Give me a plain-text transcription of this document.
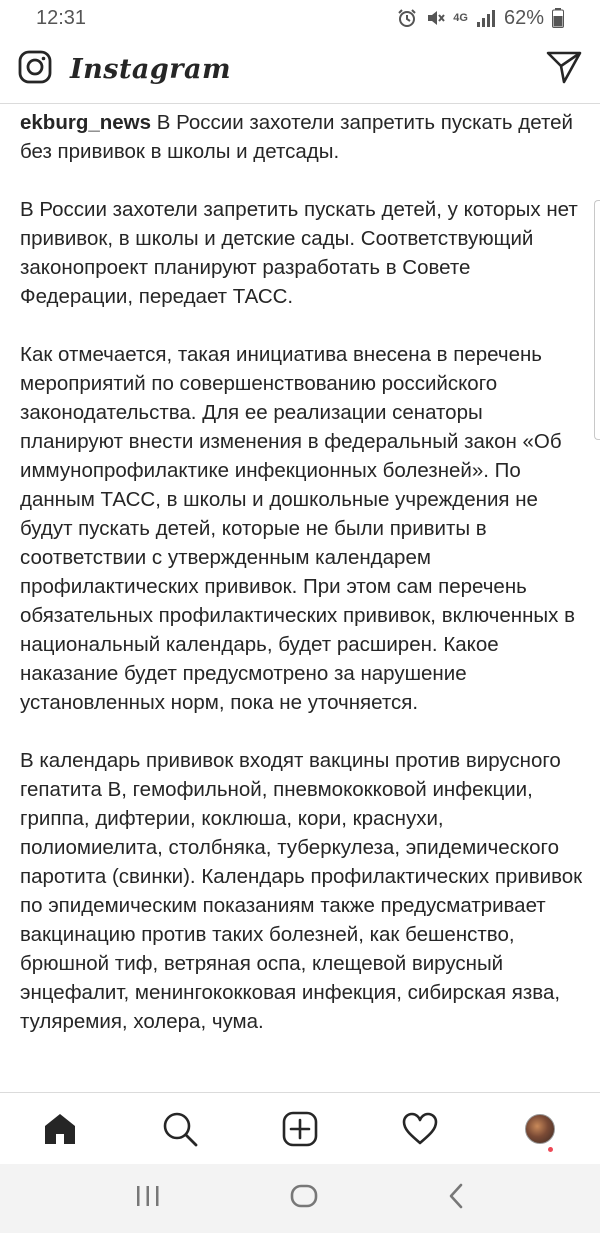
12:31	4G 62%
Instagram

ekburg_news В России захотели запретить пускать детей без прививок в школы и детсады.

В России захотели запретить пускать детей, у которых нет прививок, в школы и детские сады. Соответствующий законопроект планируют разработать в Совете Федерации, передает ТАСС.

Как отмечается, такая инициатива внесена в перечень мероприятий по совершенствованию российского законодательства. Для ее реализации сенаторы планируют внести изменения в федеральный закон «Об иммунопрофилактике инфекционных болезней». По данным ТАСС, в школы и дошкольные учреждения не будут пускать детей, которые не были привиты в соответствии с утвержденным календарем профилактических прививок. При этом сам перечень обязательных профилактических прививок, включенных в национальный календарь, будет расширен. Какое наказание будет предусмотрено за нарушение установленных норм, пока не уточняется.

В календарь прививок входят вакцины против вирусного гепатита B, гемофильной, пневмококковой инфекции, гриппа, дифтерии, коклюша, кори, краснухи, полиомиелита, столбняка, туберкулеза, эпидемического паротита (свинки). Календарь профилактических прививок по эпидемическим показаниям также предусматривает вакцинацию против таких болезней, как бешенство, брюшной тиф, ветряная оспа, клещевой вирусный энцефалит, менингококковая инфекция, сибирская язва, туляремия, холера, чума.
